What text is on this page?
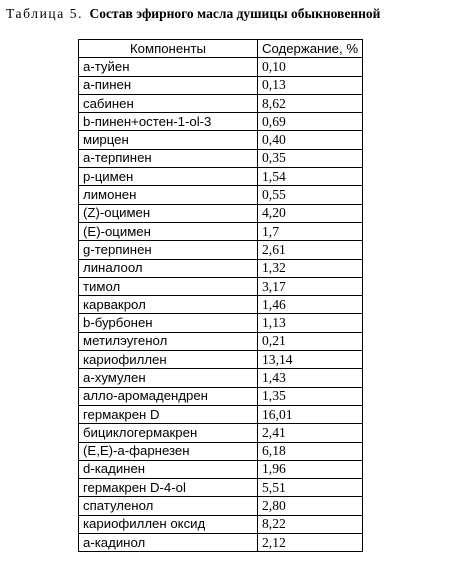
Таблица 5. Состав эфирного масла душицы обыкновенной
Компоненты	Содержание, %
a-туйен	0,10
a-пинен	0,13
сабинен	8,62
b-пинен+остен-1-ol-3	0,69
мирцен	0,40
a-терпинен	0,35
p-цимен	1,54
лимонен	0,55
(Z)-оцимен	4,20
(E)-оцимен	1,7
g-терпинен	2,61
линалоол	1,32
тимол	3,17
карвакрол	1,46
b-бурбонен	1,13
метилэугенол	0,21
кариофиллен	13,14
a-хумулен	1,43
алло-аромадендрен	1,35
гермакрен D	16,01
бициклогермакрен	2,41
(E,E)-a-фарнезен	6,18
d-кадинен	1,96
гермакрен D-4-ol	5,51
спатуленол	2,80
кариофиллен оксид	8,22
a-кадинол	2,12
